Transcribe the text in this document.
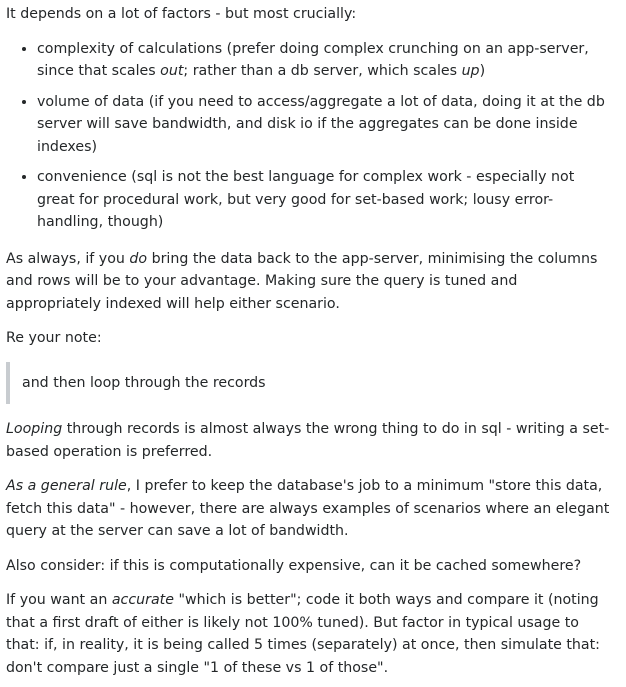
It depends on a lot of factors - but most crucially:

• complexity of calculations (prefer doing complex crunching on an app-server, since that scales out; rather than a db server, which scales up)
• volume of data (if you need to access/aggregate a lot of data, doing it at the db server will save bandwidth, and disk io if the aggregates can be done inside indexes)
• convenience (sql is not the best language for complex work - especially not great for procedural work, but very good for set-based work; lousy error-handling, though)

As always, if you do bring the data back to the app-server, minimising the columns and rows will be to your advantage. Making sure the query is tuned and appropriately indexed will help either scenario.

Re your note:

and then loop through the records

Looping through records is almost always the wrong thing to do in sql - writing a set-based operation is preferred.

As a general rule, I prefer to keep the database's job to a minimum "store this data, fetch this data" - however, there are always examples of scenarios where an elegant query at the server can save a lot of bandwidth.

Also consider: if this is computationally expensive, can it be cached somewhere?

If you want an accurate "which is better"; code it both ways and compare it (noting that a first draft of either is likely not 100% tuned). But factor in typical usage to that: if, in reality, it is being called 5 times (separately) at once, then simulate that: don't compare just a single "1 of these vs 1 of those".
